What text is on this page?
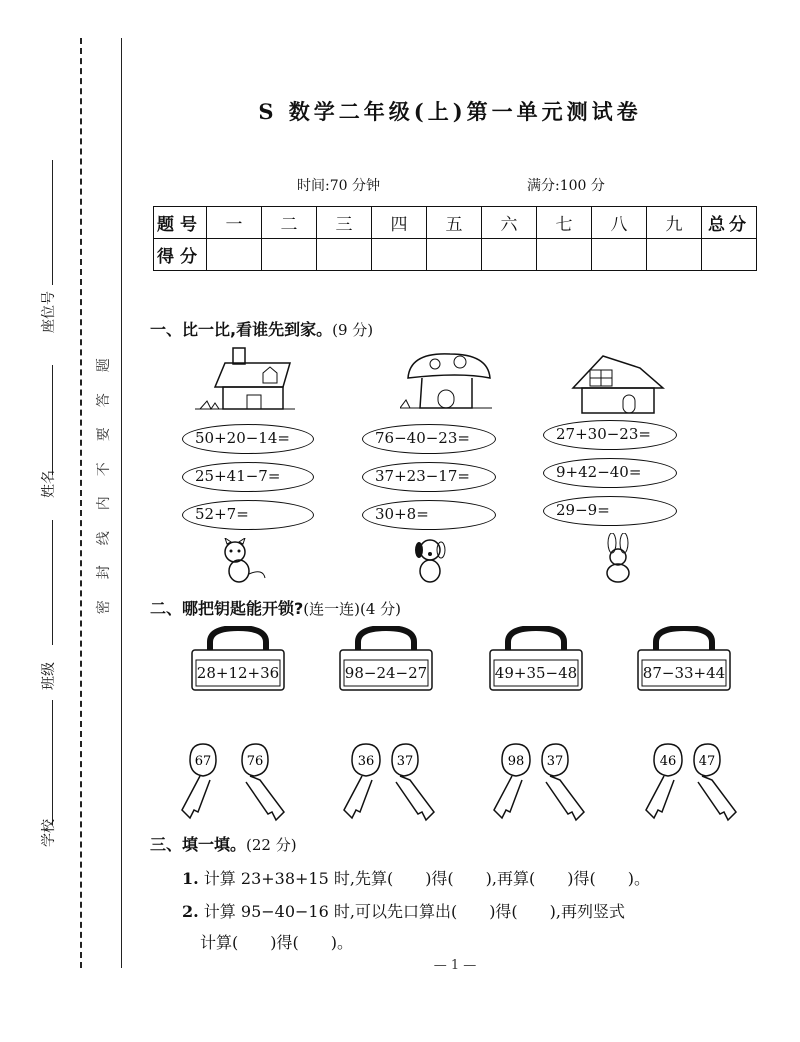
座位号
姓名
班级
学校
题
答
要
不
内
线
封
密
S 数学二年级(上)第一单元测试卷
时间:70 分钟	满分:100 分
题号	一	二	三	四	五	六	七	八	九	总分
得分										
一、比一比,看谁先到家。(9 分)
50+20−14=
25+41−7=
52+7=
76−40−23=
37+23−17=
30+8=
27+30−23=
9+42−40=
29−9=
二、哪把钥匙能开锁?(连一连)(4 分)
28+12+36	98−24−27	49+35−48	87−33+44
67	76	36 37	98 37	46 47
三、填一填。(22 分)
1. 计算 23+38+15 时,先算(　　)得(　　),再算(　　)得(　　)。
2. 计算 95−40−16 时,可以先口算出(　　)得(　　),再列竖式
计算(　　)得(　　)。
— 1 —
